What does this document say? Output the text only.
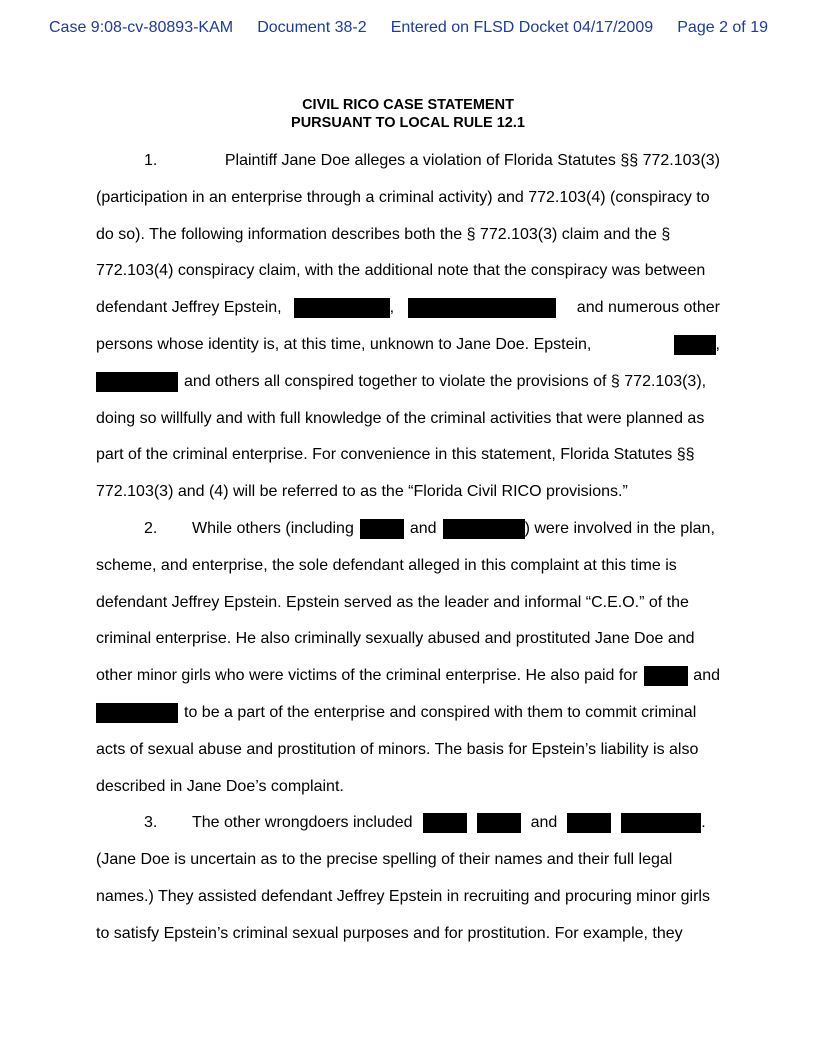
Case 9:08-cv-80893-KAM Document 38-2 Entered on FLSD Docket 04/17/2009 Page 2 of 19
CIVIL RICO CASE STATEMENT
PURSUANT TO LOCAL RULE 12.1
1.	Plaintiff Jane Doe alleges a violation of Florida Statutes §§ 772.103(3)
(participation in an enterprise through a criminal activity) and 772.103(4) (conspiracy to
do so). The following information describes both the § 772.103(3) claim and the §
772.103(4) conspiracy claim, with the additional note that the conspiracy was between
defendant Jeffrey Epstein,	,	and numerous other
persons whose identity is, at this time, unknown to Jane Doe. Epstein,	,
and others all conspired together to violate the provisions of § 772.103(3),
doing so willfully and with full knowledge of the criminal activities that were planned as
part of the criminal enterprise. For convenience in this statement, Florida Statutes §§
772.103(3) and (4) will be referred to as the “Florida Civil RICO provisions.”
2.	While others (including	and	) were involved in the plan,
scheme, and enterprise, the sole defendant alleged in this complaint at this time is
defendant Jeffrey Epstein. Epstein served as the leader and informal “C.E.O.” of the
criminal enterprise. He also criminally sexually abused and prostituted Jane Doe and
other minor girls who were victims of the criminal enterprise. He also paid for	and
to be a part of the enterprise and conspired with them to commit criminal
acts of sexual abuse and prostitution of minors. The basis for Epstein’s liability is also
described in Jane Doe’s complaint.
3.	The other wrongdoers included	and	.
(Jane Doe is uncertain as to the precise spelling of their names and their full legal
names.) They assisted defendant Jeffrey Epstein in recruiting and procuring minor girls
to satisfy Epstein’s criminal sexual purposes and for prostitution. For example, they
